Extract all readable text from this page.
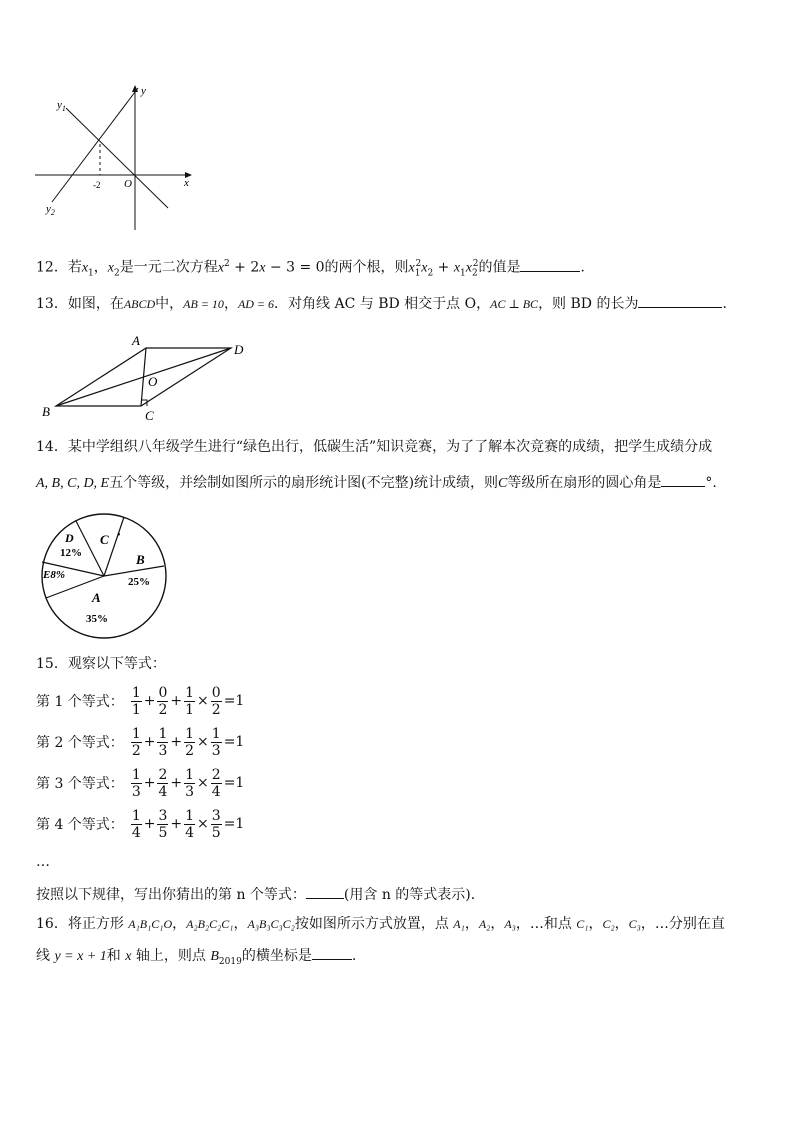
$y_1$
$y_2$
y
x
O
-2
12．若$x_1$，$x_2$是一元二次方程$x^2 + 2x - 3 = 0$的两个根，则$x_1^2x_2 + x_1x_2^2$的值是	．
13．如图，在ABCD中，AB = 10，AD = 6．对角线 AC 与 BD 相交于点 O，AC ⊥ BC，则 BD 的长为	．
A
B	C
D
O
14．某中学组织八年级学生进行“绿色出行，低碳生活”知识竞赛，为了了解本次竞赛的成绩，把学生成绩分成
A, B, C, D, E五个等级，并绘制如图所示的扇形统计图(不完整)统计成绩，则C等级所在扇形的圆心角是	°.
D
12%
C •
B
25%
E8%
A
35%
15．观察以下等式：
第 1 个等式： $\frac{1}{1} + \frac{0}{2} + \frac{1}{1} \times \frac{0}{2} =1$
第 2 个等式： $\frac{1}{2} + \frac{1}{3} + \frac{1}{2} \times \frac{1}{3} =1$
第 3 个等式： $\frac{1}{3} + \frac{2}{4} + \frac{1}{3} \times \frac{2}{4} =1$
第 4 个等式： $\frac{1}{4} + \frac{3}{5} + \frac{1}{4} \times \frac{3}{5} =1$
…
按照以下规律，写出你猜出的第 n 个等式：	(用含 n 的等式表示)．
16．将正方形 A₁B₁C₁O，A₂B₂C₂C₁，A₃B₃C₃C₂按如图所示方式放置，点 A₁，A₂，A₃，…和点 C₁，C₂，C₃，…分别在直
线 y = x + 1和 x 轴上，则点 $B_{2019}$的横坐标是	.
